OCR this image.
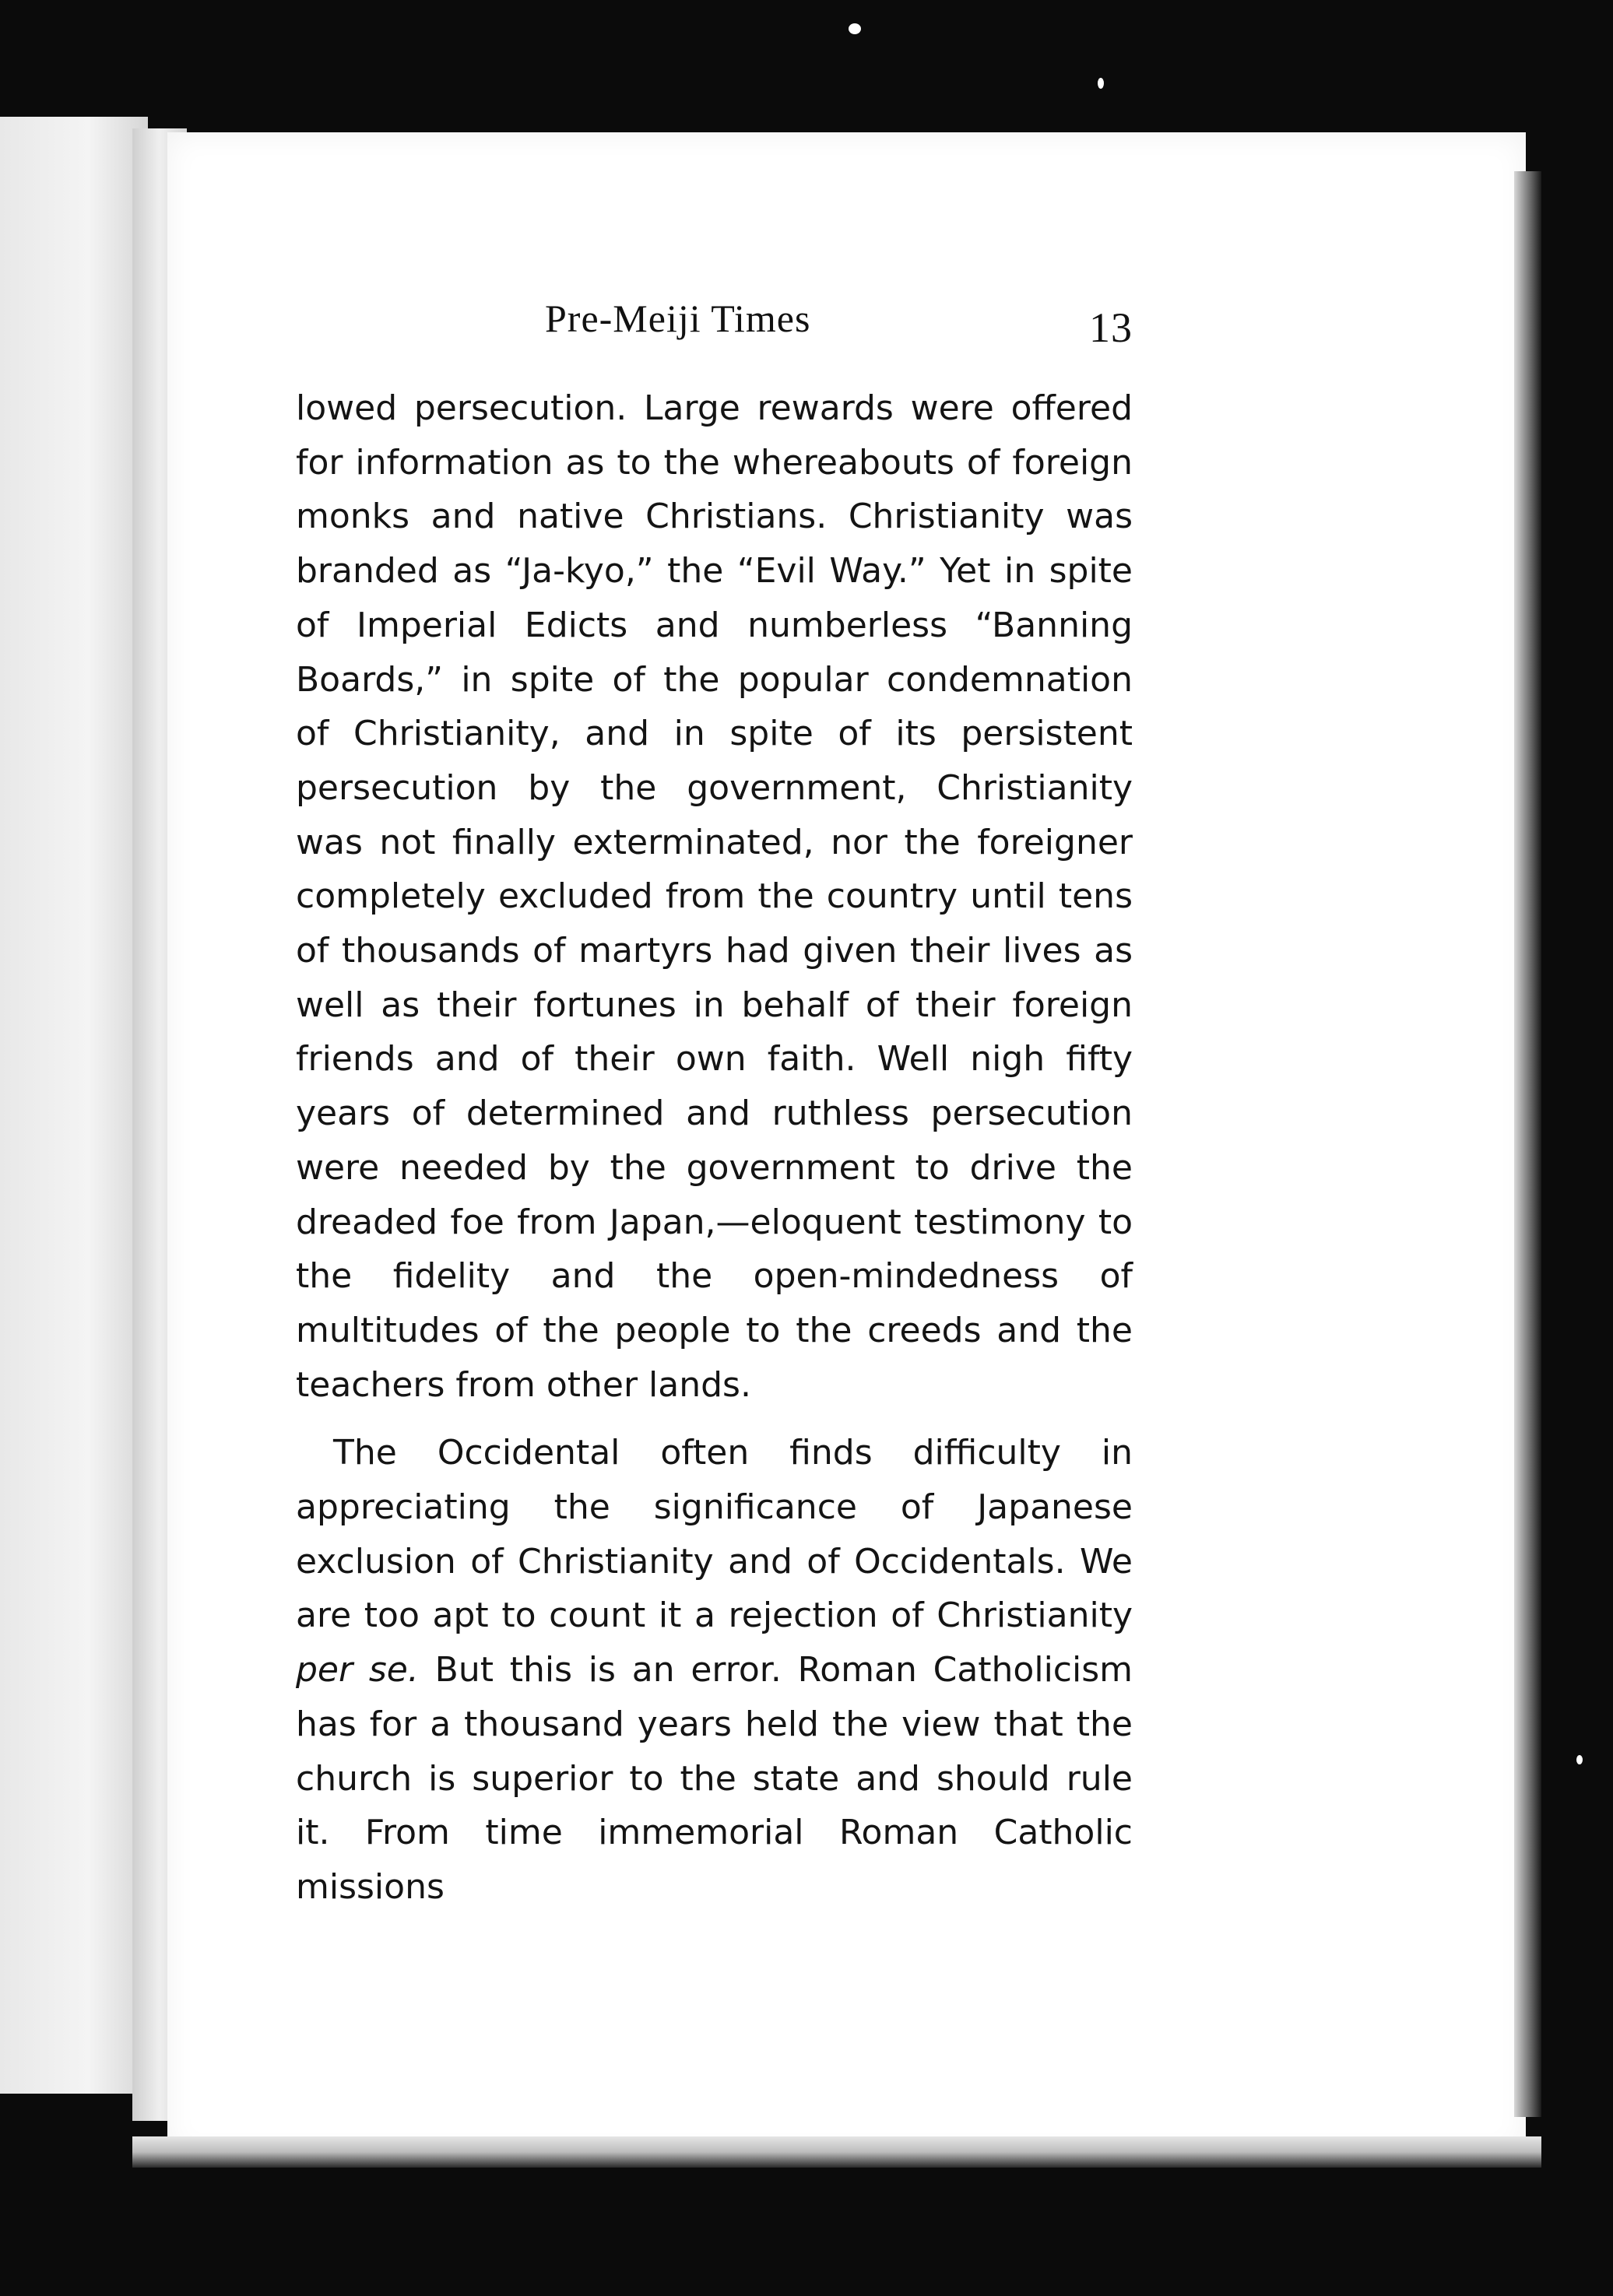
Pre-Meiji Times	13

lowed persecution. Large rewards were offered for information as to the whereabouts of foreign monks and native Christians. Christianity was branded as “Ja-kyo,” the “Evil Way.” Yet in spite of Imperial Edicts and numberless “Banning Boards,” in spite of the popular condemnation of Christianity, and in spite of its persistent persecution by the government, Christianity was not finally exterminated, nor the foreigner completely excluded from the country until tens of thousands of martyrs had given their lives as well as their fortunes in behalf of their foreign friends and of their own faith. Well nigh fifty years of determined and ruthless persecution were needed by the government to drive the dreaded foe from Japan,—eloquent testimony to the fidelity and the open-mindedness of multitudes of the people to the creeds and the teachers from other lands.

The Occidental often finds difficulty in appreciating the significance of Japanese exclusion of Christianity and of Occidentals. We are too apt to count it a rejection of Christianity per se. But this is an error. Roman Catholicism has for a thousand years held the view that the church is superior to the state and should rule it. From time immemorial Roman Catholic missions
